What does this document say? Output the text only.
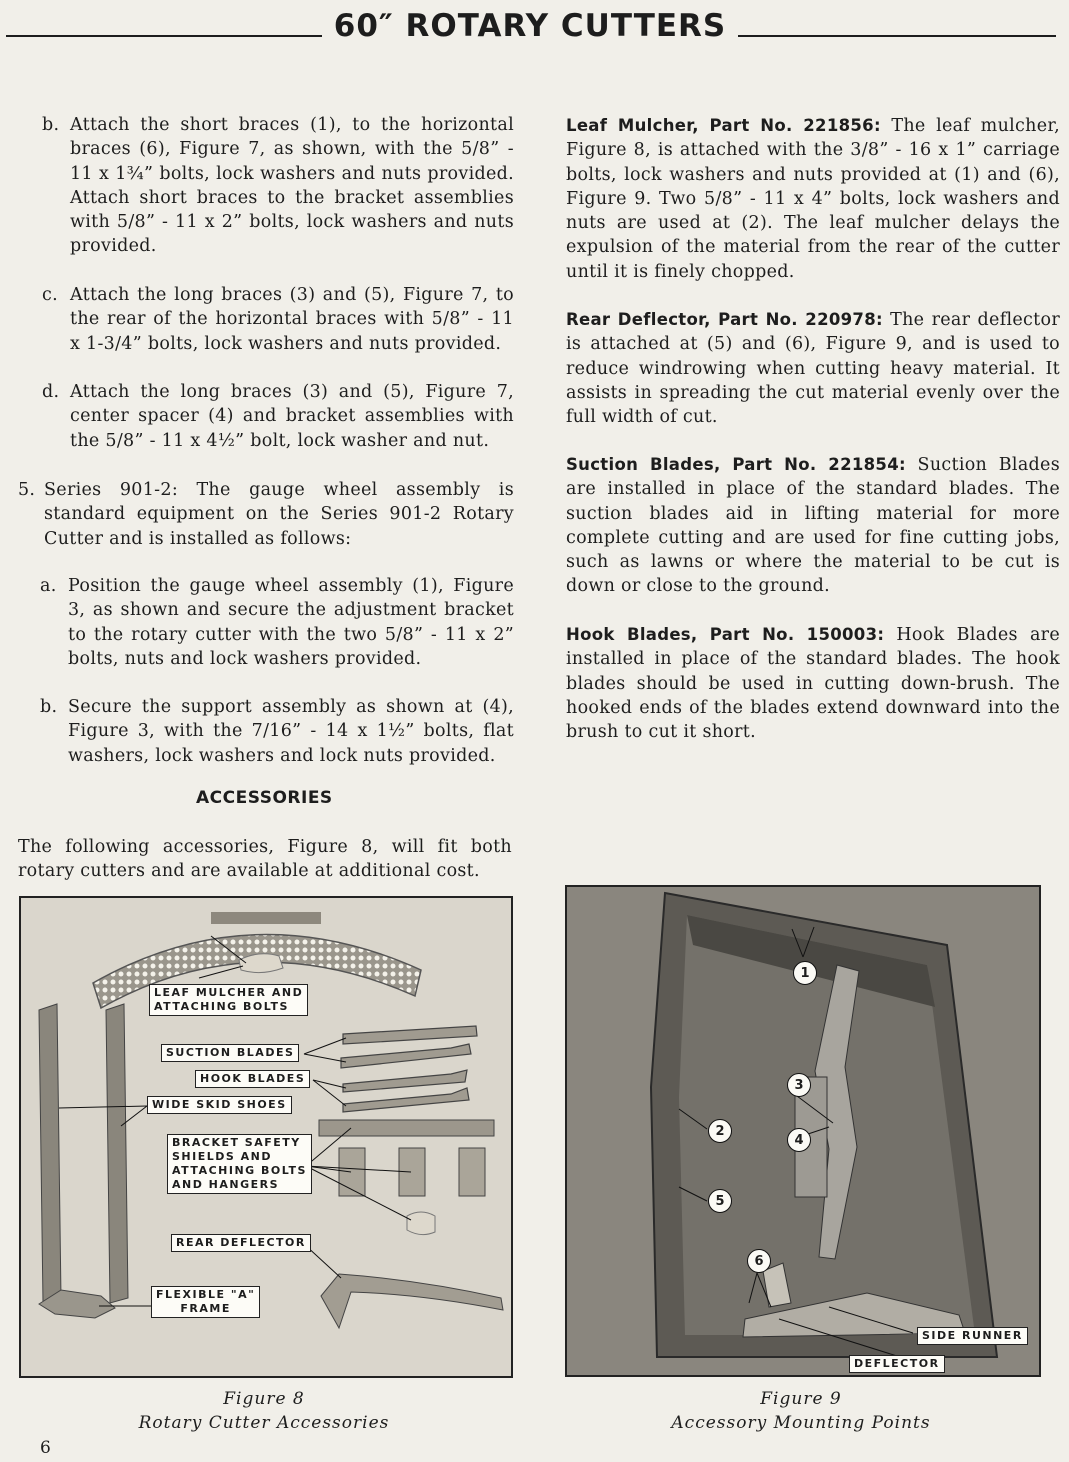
60″ ROTARY CUTTERS
b. Attach the short braces (1), to the horizontal braces (6), Figure 7, as shown, with the 5/8” - 11 x 1¾” bolts, lock washers and nuts provided. Attach short braces to the bracket assemblies with 5/8” - 11 x 2” bolts, lock washers and nuts provided.
c. Attach the long braces (3) and (5), Figure 7, to the rear of the horizontal braces with 5/8” - 11 x 1-3/4” bolts, lock washers and nuts provided.
d. Attach the long braces (3) and (5), Figure 7, center spacer (4) and bracket assemblies with the 5/8” - 11 x 4½” bolt, lock washer and nut.
5. Series 901-2: The gauge wheel assembly is standard equipment on the Series 901-2 Rotary Cutter and is installed as follows:
a. Position the gauge wheel assembly (1), Figure 3, as shown and secure the adjustment bracket to the rotary cutter with the two 5/8” - 11 x 2” bolts, nuts and lock washers provided.
b. Secure the support assembly as shown at (4), Figure 3, with the 7/16” - 14 x 1½” bolts, flat washers, lock washers and lock nuts provided.
ACCESSORIES
The following accessories, Figure 8, will fit both rotary cutters and are available at additional cost.
Leaf Mulcher, Part No. 221856: The leaf mulcher, Figure 8, is attached with the 3/8” - 16 x 1” carriage bolts, lock washers and nuts provided at (1) and (6), Figure 9. Two 5/8” - 11 x 4” bolts, lock washers and nuts are used at (2). The leaf mulcher delays the expulsion of the material from the rear of the cutter until it is finely chopped.
Rear Deflector, Part No. 220978: The rear deflector is attached at (5) and (6), Figure 9, and is used to reduce windrowing when cutting heavy material. It assists in spreading the cut material evenly over the full width of cut.
Suction Blades, Part No. 221854: Suction Blades are installed in place of the standard blades. The suction blades aid in lifting material for more complete cutting and are used for fine cutting jobs, such as lawns or where the material to be cut is down or close to the ground.
Hook Blades, Part No. 150003: Hook Blades are installed in place of the standard blades. The hook blades should be used in cutting down-brush. The hooked ends of the blades extend downward into the brush to cut it short.
LEAF MULCHER AND
ATTACHING BOLTS
SUCTION BLADES
HOOK BLADES
WIDE SKID SHOES
BRACKET SAFETY
SHIELDS AND
ATTACHING BOLTS
AND HANGERS
REAR DEFLECTOR
FLEXIBLE "A"
FRAME
Figure 8
Rotary Cutter Accessories
1
2
3
4
5
6
SIDE RUNNER
DEFLECTOR
Figure 9
Accessory Mounting Points
6
